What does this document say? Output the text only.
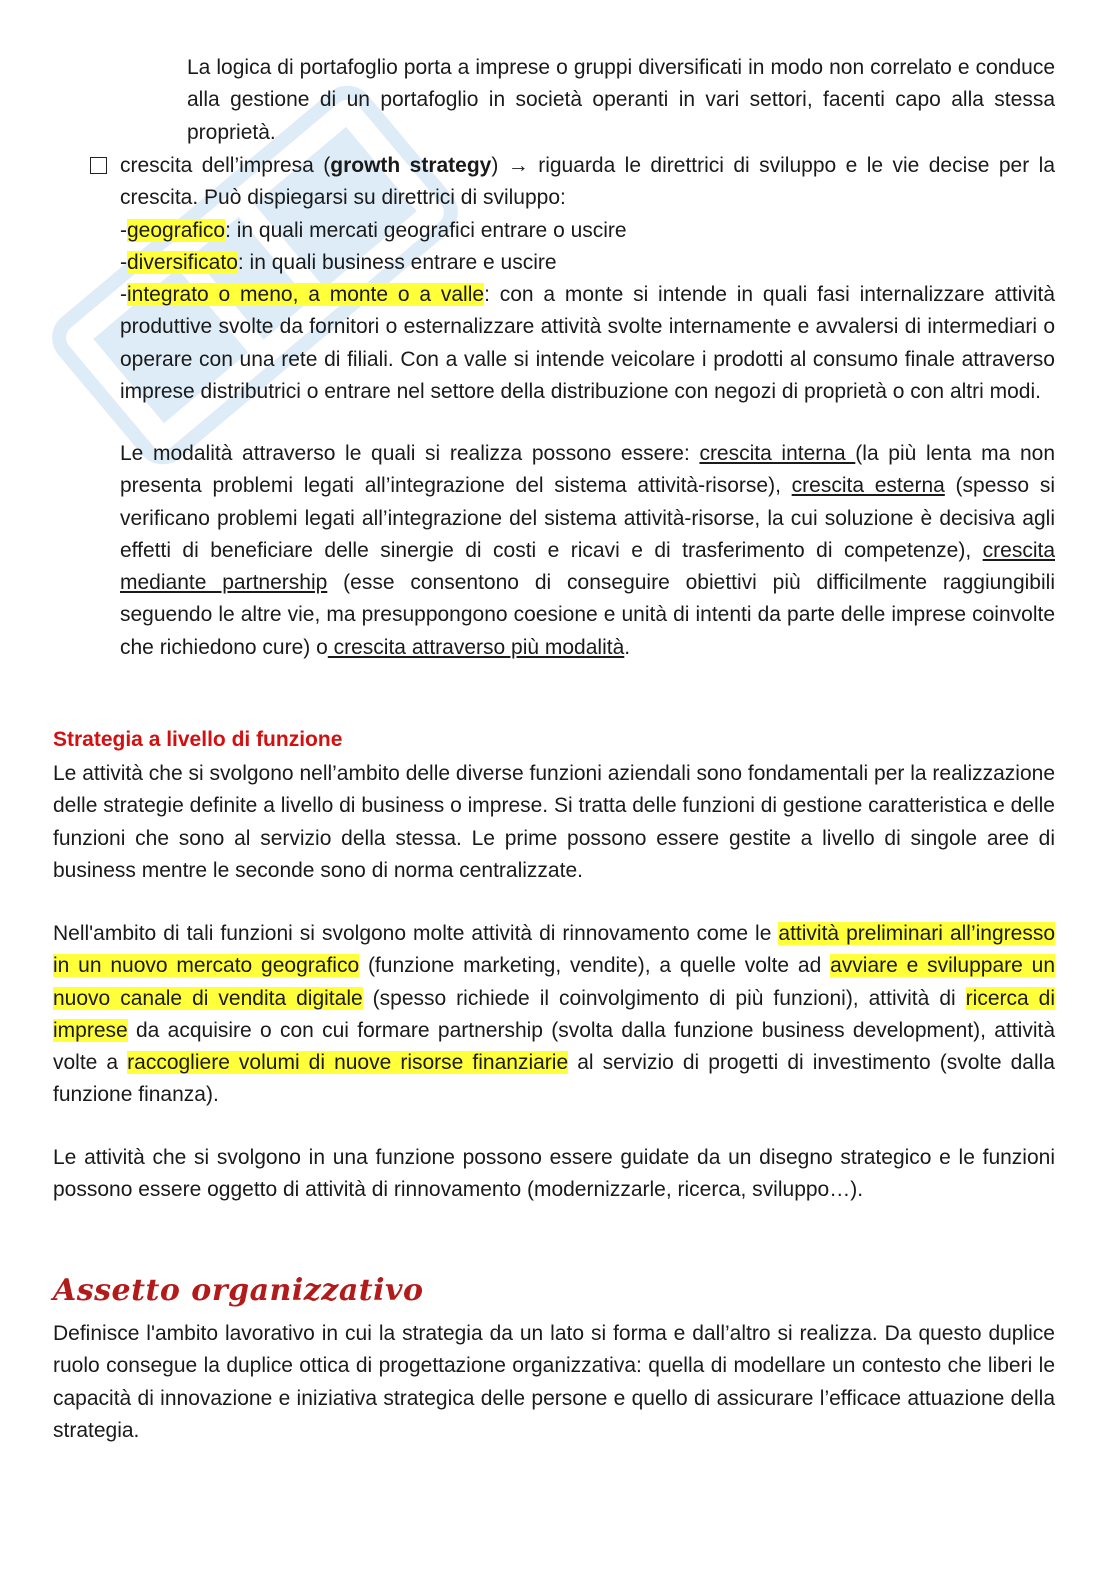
La logica di portafoglio porta a imprese o gruppi diversificati in modo non correlato e conduce alla gestione di un portafoglio in società operanti in vari settori, facenti capo alla stessa proprietà.

crescita dell’impresa (growth strategy) → riguarda le direttrici di sviluppo e le vie decise per la crescita. Può dispiegarsi su direttrici di sviluppo:
-geografico: in quali mercati geografici entrare o uscire
-diversificato: in quali business entrare e uscire
-integrato o meno, a monte o a valle: con a monte si intende in quali fasi internalizzare attività produttive svolte da fornitori o esternalizzare attività svolte internamente e avvalersi di intermediari o operare con una rete di filiali. Con a valle si intende veicolare i prodotti al consumo finale attraverso imprese distributrici o entrare nel settore della distribuzione con negozi di proprietà o con altri modi.

Le modalità attraverso le quali si realizza possono essere: crescita interna (la più lenta ma non presenta problemi legati all’integrazione del sistema attività-risorse), crescita esterna (spesso si verificano problemi legati all’integrazione del sistema attività-risorse, la cui soluzione è decisiva agli effetti di beneficiare delle sinergie di costi e ricavi e di trasferimento di competenze), crescita mediante partnership (esse consentono di conseguire obiettivi più difficilmente raggiungibili seguendo le altre vie, ma presuppongono coesione e unità di intenti da parte delle imprese coinvolte che richiedono cure) o crescita attraverso più modalità.

Strategia a livello di funzione

Le attività che si svolgono nell’ambito delle diverse funzioni aziendali sono fondamentali per la realizzazione delle strategie definite a livello di business o imprese. Si tratta delle funzioni di gestione caratteristica e delle funzioni che sono al servizio della stessa. Le prime possono essere gestite a livello di singole aree di business mentre le seconde sono di norma centralizzate.

Nell'ambito di tali funzioni si svolgono molte attività di rinnovamento come le attività preliminari all’ingresso in un nuovo mercato geografico (funzione marketing, vendite), a quelle volte ad avviare e sviluppare un nuovo canale di vendita digitale (spesso richiede il coinvolgimento di più funzioni), attività di ricerca di imprese da acquisire o con cui formare partnership (svolta dalla funzione business development), attività volte a raccogliere volumi di nuove risorse finanziarie al servizio di progetti di investimento (svolte dalla funzione finanza).

Le attività che si svolgono in una funzione possono essere guidate da un disegno strategico e le funzioni possono essere oggetto di attività di rinnovamento (modernizzarle, ricerca, sviluppo…).

Assetto organizzativo

Definisce l'ambito lavorativo in cui la strategia da un lato si forma e dall’altro si realizza. Da questo duplice ruolo consegue la duplice ottica di progettazione organizzativa: quella di modellare un contesto che liberi le capacità di innovazione e iniziativa strategica delle persone e quello di assicurare l’efficace attuazione della strategia.
